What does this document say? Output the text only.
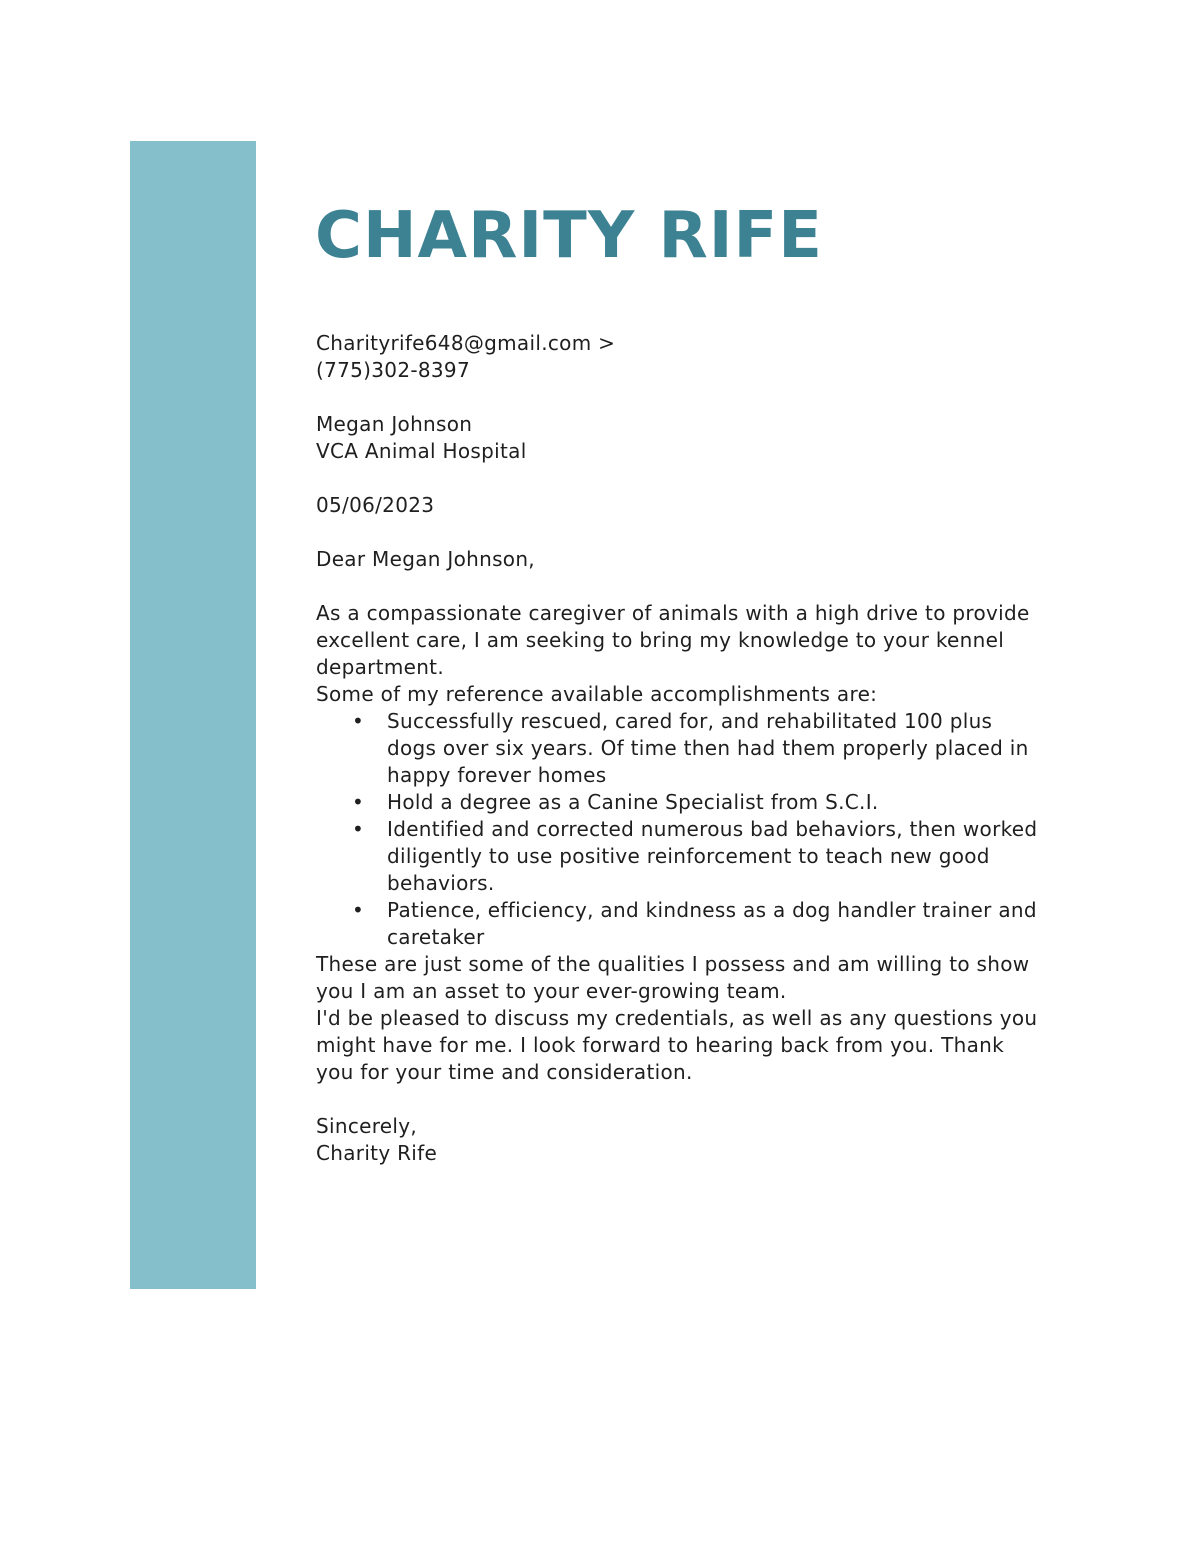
CHARITY RIFE

Charityrife648@gmail.com >

(775)302-8397

Megan Johnson

VCA Animal Hospital

05/06/2023

Dear Megan Johnson,

As a compassionate caregiver of animals with a high drive to provide excellent care, I am seeking to bring my knowledge to your kennel department.

Some of my reference available accomplishments are:

• Successfully rescued, cared for, and rehabilitated 100 plus dogs over six years. Of time then had them properly placed in happy forever homes
• Hold a degree as a Canine Specialist from S.C.I.
• Identified and corrected numerous bad behaviors, then worked diligently to use positive reinforcement to teach new good behaviors.
• Patience, efficiency, and kindness as a dog handler trainer and caretaker

These are just some of the qualities I possess and am willing to show you I am an asset to your ever-growing team.

I'd be pleased to discuss my credentials, as well as any questions you might have for me. I look forward to hearing back from you. Thank you for your time and consideration.

Sincerely,

Charity Rife
